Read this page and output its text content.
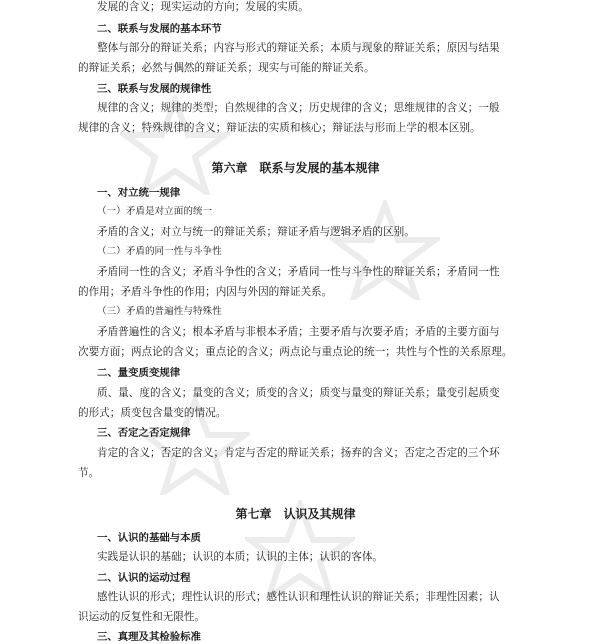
发展的含义；现实运动的方向；发展的实质。
二、联系与发展的基本环节
整体与部分的辩证关系；内容与形式的辩证关系；本质与现象的辩证关系；原因与结果
的辩证关系；必然与偶然的辩证关系；现实与可能的辩证关系。
三、联系与发展的规律性
规律的含义；规律的类型；自然规律的含义；历史规律的含义；思维规律的含义；一般
规律的含义；特殊规律的含义；辩证法的实质和核心；辩证法与形而上学的根本区别。
第六章　联系与发展的基本规律
一、对立统一规律
（一）矛盾是对立面的统一
矛盾的含义；对立与统一的辩证关系；辩证矛盾与逻辑矛盾的区别。
（二）矛盾的同一性与斗争性
矛盾同一性的含义；矛盾斗争性的含义；矛盾同一性与斗争性的辩证关系；矛盾同一性
的作用；矛盾斗争性的作用；内因与外因的辩证关系。
（三）矛盾的普遍性与特殊性
矛盾普遍性的含义；根本矛盾与非根本矛盾；主要矛盾与次要矛盾；矛盾的主要方面与
次要方面；两点论的含义；重点论的含义；两点论与重点论的统一；共性与个性的关系原理。
二、量变质变规律
质、量、度的含义；量变的含义；质变的含义；质变与量变的辩证关系；量变引起质变
的形式；质变包含量变的情况。
三、否定之否定规律
肯定的含义；否定的含义；肯定与否定的辩证关系；扬弃的含义；否定之否定的三个环
节。
第七章　认识及其规律
一、认识的基础与本质
实践是认识的基础；认识的本质；认识的主体；认识的客体。
二、认识的运动过程
感性认识的形式；理性认识的形式；感性认识和理性认识的辩证关系；非理性因素；认
识运动的反复性和无限性。
三、真理及其检验标准
